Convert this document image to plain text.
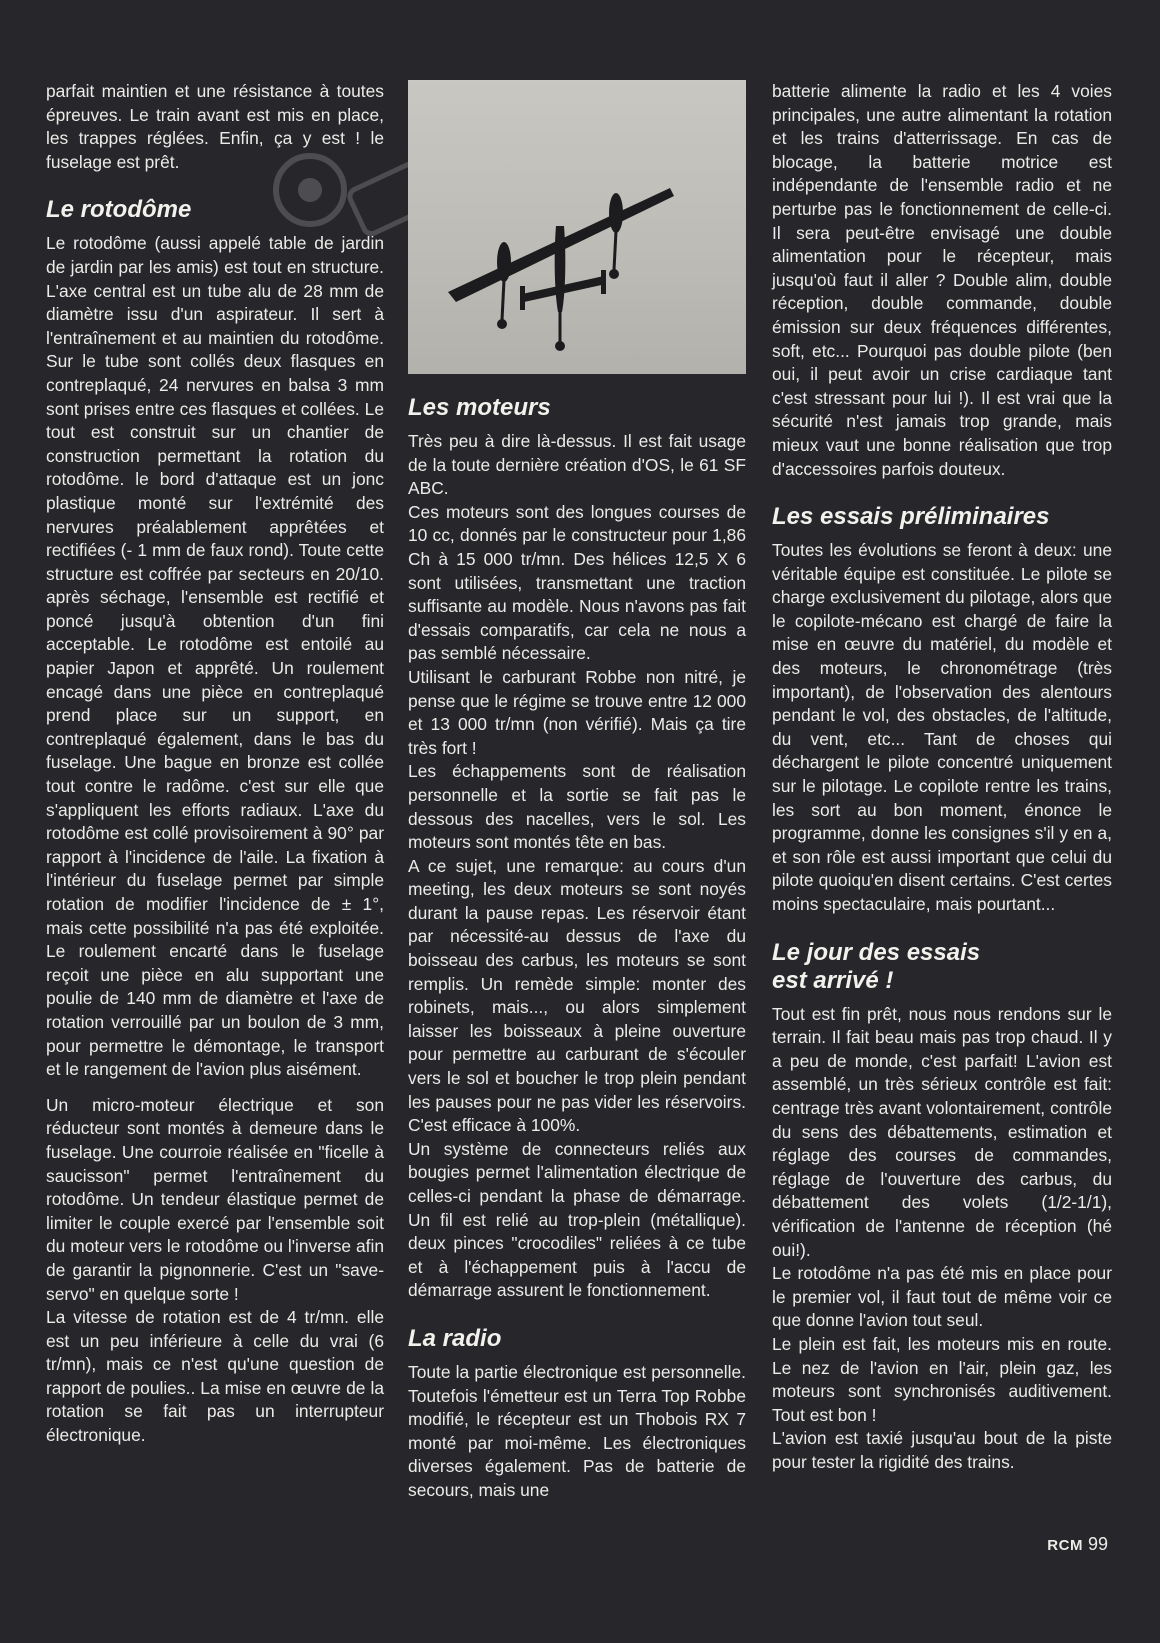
parfait maintien et une résistance à toutes épreuves. Le train avant est mis en place, les trappes réglées. Enfin, ça y est ! le fuselage est prêt.

Le rotodôme

Le rotodôme (aussi appelé table de jardin de jardin par les amis) est tout en structure. L'axe central est un tube alu de 28 mm de diamètre issu d'un aspirateur. Il sert à l'entraînement et au maintien du rotodôme. Sur le tube sont collés deux flasques en contreplaqué, 24 nervures en balsa 3 mm sont prises entre ces flasques et collées. Le tout est construit sur un chantier de construction permettant la rotation du rotodôme. le bord d'attaque est un jonc plastique monté sur l'extrémité des nervures préalablement apprêtées et rectifiées (- 1 mm de faux rond). Toute cette structure est coffrée par secteurs en 20/10. après séchage, l'ensemble est rectifié et poncé jusqu'à obtention d'un fini acceptable. Le rotodôme est entoilé au papier Japon et apprêté. Un roulement encagé dans une pièce en contreplaqué prend place sur un support, en contreplaqué également, dans le bas du fuselage. Une bague en bronze est collée tout contre le radôme. c'est sur elle que s'appliquent les efforts radiaux. L'axe du rotodôme est collé provisoirement à 90° par rapport à l'incidence de l'aile. La fixation à l'intérieur du fuselage permet par simple rotation de modifier l'incidence de ± 1°, mais cette possibilité n'a pas été exploitée. Le roulement encarté dans le fuselage reçoit une pièce en alu supportant une poulie de 140 mm de diamètre et l'axe de rotation verrouillé par un boulon de 3 mm, pour permettre le démontage, le transport et le rangement de l'avion plus aisément.

Un micro-moteur électrique et son réducteur sont montés à demeure dans le fuselage. Une courroie réalisée en "ficelle à saucisson" permet l'entraînement du rotodôme. Un tendeur élastique permet de limiter le couple exercé par l'ensemble soit du moteur vers le rotodôme ou l'inverse afin de garantir la pignonnerie. C'est un "save-servo" en quelque sorte !

La vitesse de rotation est de 4 tr/mn. elle est un peu inférieure à celle du vrai (6 tr/mn), mais ce n'est qu'une question de rapport de poulies.. La mise en œuvre de la rotation se fait pas un interrupteur électronique.

Les moteurs

Très peu à dire là-dessus. Il est fait usage de la toute dernière création d'OS, le 61 SF ABC.

Ces moteurs sont des longues courses de 10 cc, donnés par le constructeur pour 1,86 Ch à 15 000 tr/mn. Des hélices 12,5 X 6 sont utilisées, transmettant une traction suffisante au modèle. Nous n'avons pas fait d'essais comparatifs, car cela ne nous a pas semblé nécessaire.

Utilisant le carburant Robbe non nitré, je pense que le régime se trouve entre 12 000 et 13 000 tr/mn (non vérifié). Mais ça tire très fort !

Les échappements sont de réalisation personnelle et la sortie se fait pas le dessous des nacelles, vers le sol. Les moteurs sont montés tête en bas.

A ce sujet, une remarque: au cours d'un meeting, les deux moteurs se sont noyés durant la pause repas. Les réservoir étant par nécessité-au dessus de l'axe du boisseau des carbus, les moteurs se sont remplis. Un remède simple: monter des robinets, mais..., ou alors simplement laisser les boisseaux à pleine ouverture pour permettre au carburant de s'écouler vers le sol et boucher le trop plein pendant les pauses pour ne pas vider les réservoirs. C'est efficace à 100%.

Un système de connecteurs reliés aux bougies permet l'alimentation électrique de celles-ci pendant la phase de démarrage. Un fil est relié au trop-plein (métallique). deux pinces "crocodiles" reliées à ce tube et à l'échappement puis à l'accu de démarrage assurent le fonctionnement.

La radio

Toute la partie électronique est personnelle. Toutefois l'émetteur est un Terra Top Robbe modifié, le récepteur est un Thobois RX 7 monté par moi-même. Les électroniques diverses également. Pas de batterie de secours, mais une

batterie alimente la radio et les 4 voies principales, une autre alimentant la rotation et les trains d'atterrissage. En cas de blocage, la batterie motrice est indépendante de l'ensemble radio et ne perturbe pas le fonctionnement de celle-ci. Il sera peut-être envisagé une double alimentation pour le récepteur, mais jusqu'où faut il aller ? Double alim, double réception, double commande, double émission sur deux fréquences différentes, soft, etc... Pourquoi pas double pilote (ben oui, il peut avoir un crise cardiaque tant c'est stressant pour lui !). Il est vrai que la sécurité n'est jamais trop grande, mais mieux vaut une bonne réalisation que trop d'accessoires parfois douteux.

Les essais préliminaires

Toutes les évolutions se feront à deux: une véritable équipe est constituée. Le pilote se charge exclusivement du pilotage, alors que le copilote-mécano est chargé de faire la mise en œuvre du matériel, du modèle et des moteurs, le chronométrage (très important), de l'observation des alentours pendant le vol, des obstacles, de l'altitude, du vent, etc... Tant de choses qui déchargent le pilote concentré uniquement sur le pilotage. Le copilote rentre les trains, les sort au bon moment, énonce le programme, donne les consignes s'il y en a, et son rôle est aussi important que celui du pilote quoiqu'en disent certains. C'est certes moins spectaculaire, mais pourtant...

Le jour des essais
est arrivé !

Tout est fin prêt, nous nous rendons sur le terrain. Il fait beau mais pas trop chaud. Il y a peu de monde, c'est parfait! L'avion est assemblé, un très sérieux contrôle est fait: centrage très avant volontairement, contrôle du sens des débattements, estimation et réglage des courses de commandes, réglage de l'ouverture des carbus, du débattement des volets (1/2-1/1), vérification de l'antenne de réception (hé oui!).

Le rotodôme n'a pas été mis en place pour le premier vol, il faut tout de même voir ce que donne l'avion tout seul.

Le plein est fait, les moteurs mis en route. Le nez de l'avion en l'air, plein gaz, les moteurs sont synchronisés auditivement. Tout est bon !

L'avion est taxié jusqu'au bout de la piste pour tester la rigidité des trains.

RCM 99
